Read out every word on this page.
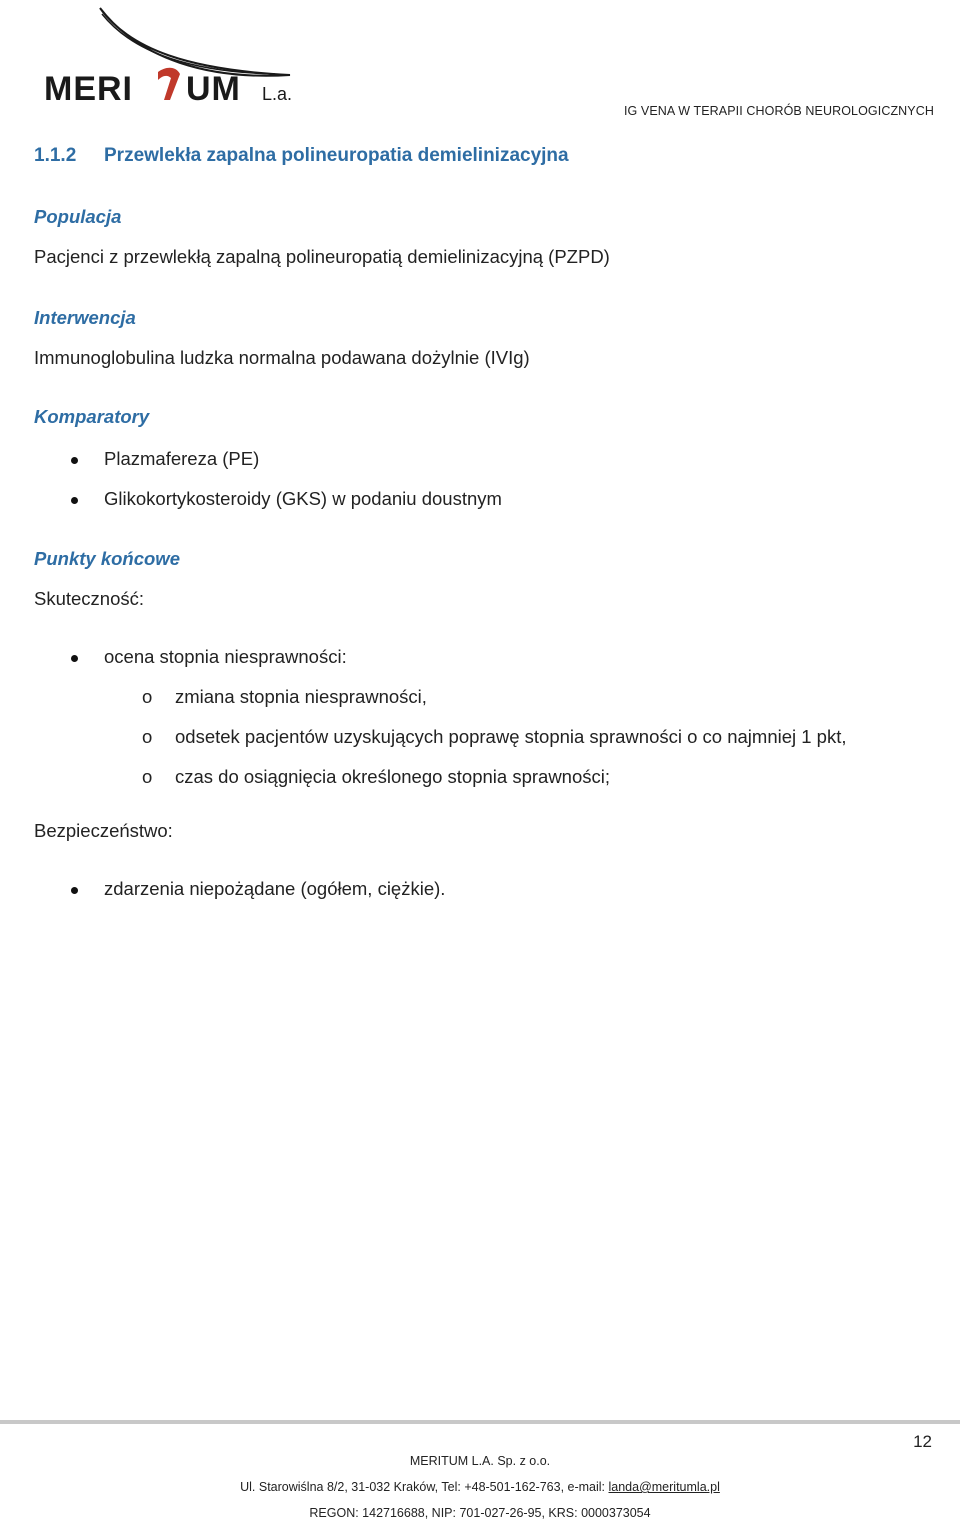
MERI UM L.a.
IG VENA W TERAPII CHORÓB NEUROLOGICZNYCH
1.1.2 Przewlekła zapalna polineuropatia demielinizacyjna
Populacja
Pacjenci z przewlekłą zapalną polineuropatią demielinizacyjną (PZPD)
Interwencja
Immunoglobulina ludzka normalna podawana dożylnie (IVIg)
Komparatory
Plazmafereza (PE)
Glikokortykosteroidy (GKS) w podaniu doustnym
Punkty końcowe
Skuteczność:
ocena stopnia niesprawności:
o zmiana stopnia niesprawności,
o odsetek pacjentów uzyskujących poprawę stopnia sprawności o co najmniej 1 pkt,
o czas do osiągnięcia określonego stopnia sprawności;
Bezpieczeństwo:
zdarzenia niepożądane (ogółem, ciężkie).
12
MERITUM L.A. Sp. z o.o.
Ul. Starowiślna 8/2, 31-032 Kraków, Tel: +48-501-162-763, e-mail: landa@meritumla.pl
REGON: 142716688, NIP: 701-027-26-95, KRS: 0000373054
